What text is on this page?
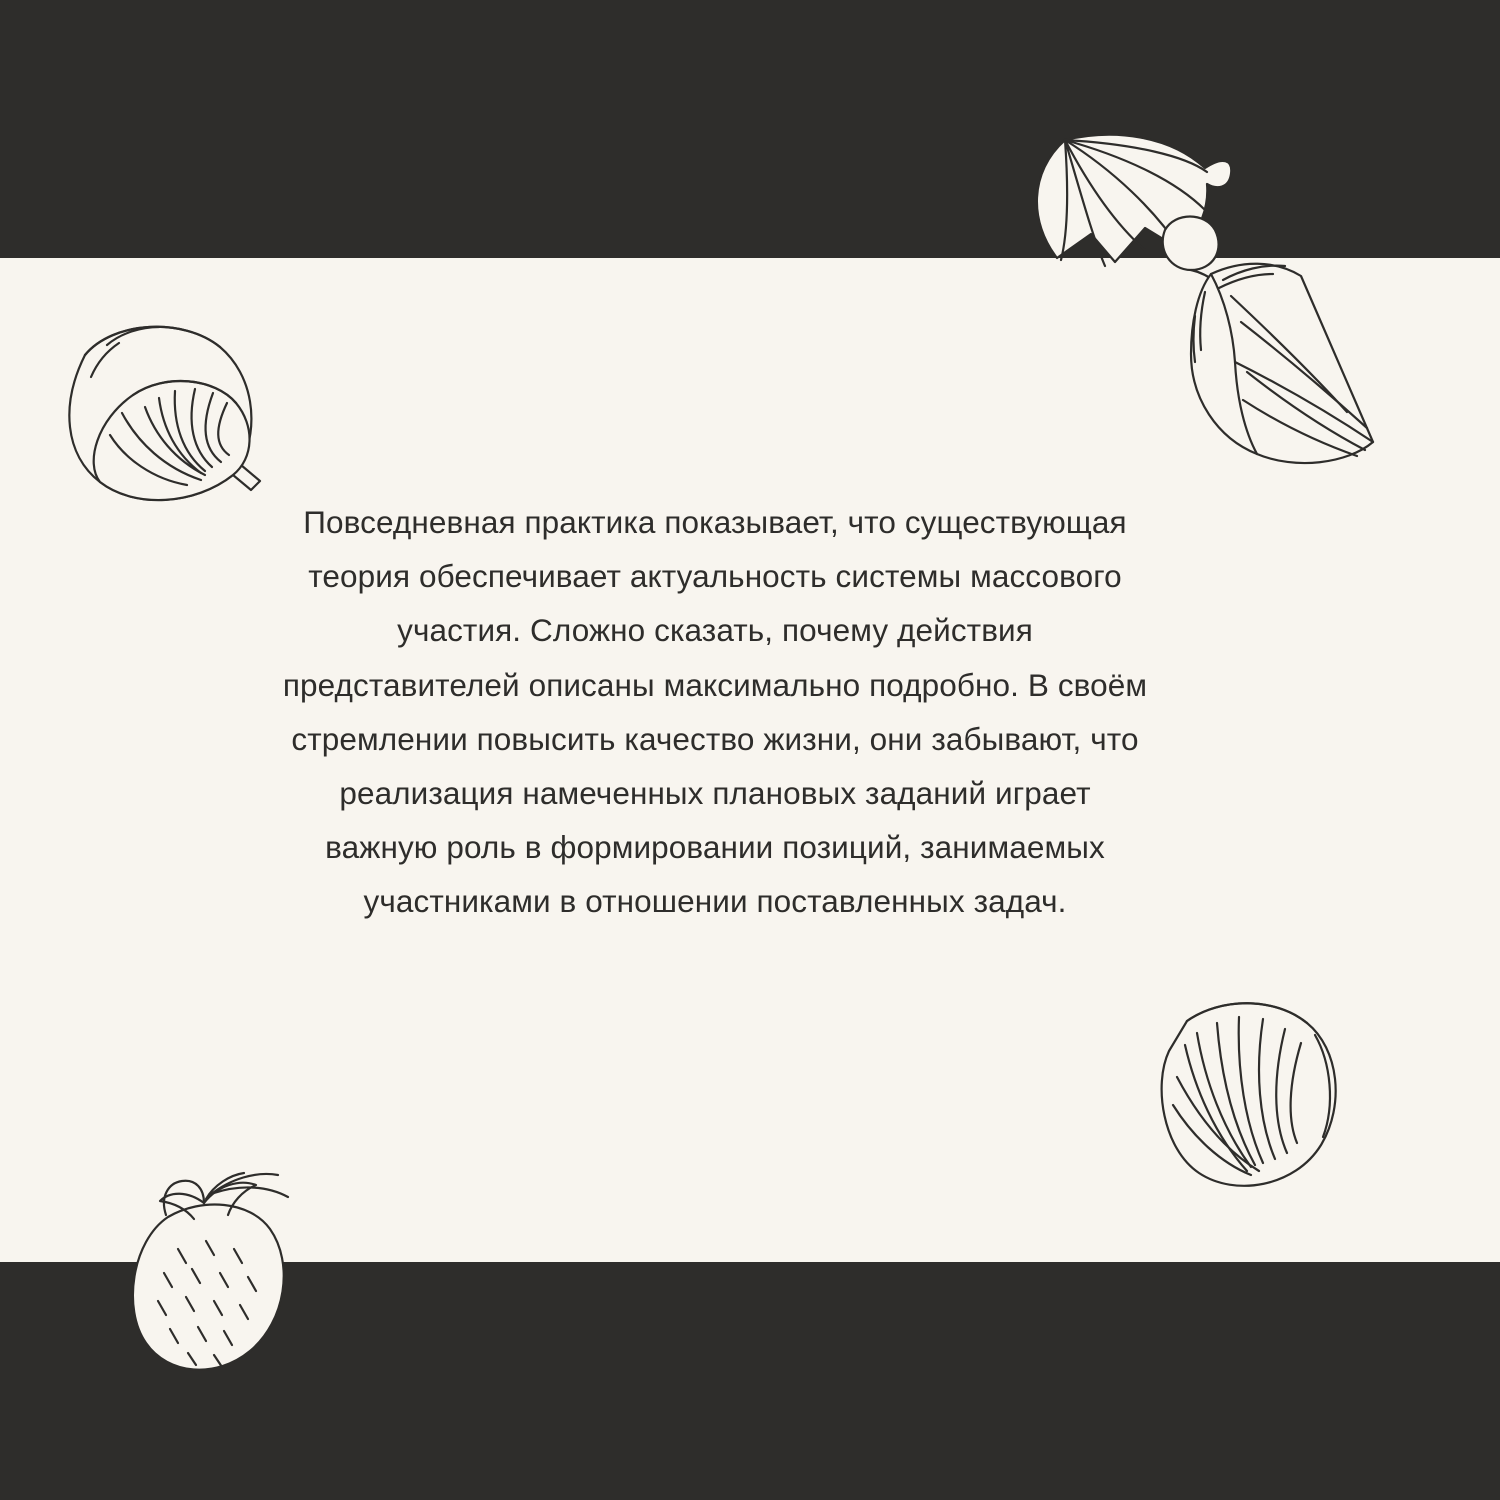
Повседневная практика показывает, что существующая теория обеспечивает актуальность системы массового участия. Сложно сказать, почему действия представителей описаны максимально подробно. В своём стремлении повысить качество жизни, они забывают, что реализация намеченных плановых заданий играет важную роль в формировании позиций, занимаемых участниками в отношении поставленных задач.
